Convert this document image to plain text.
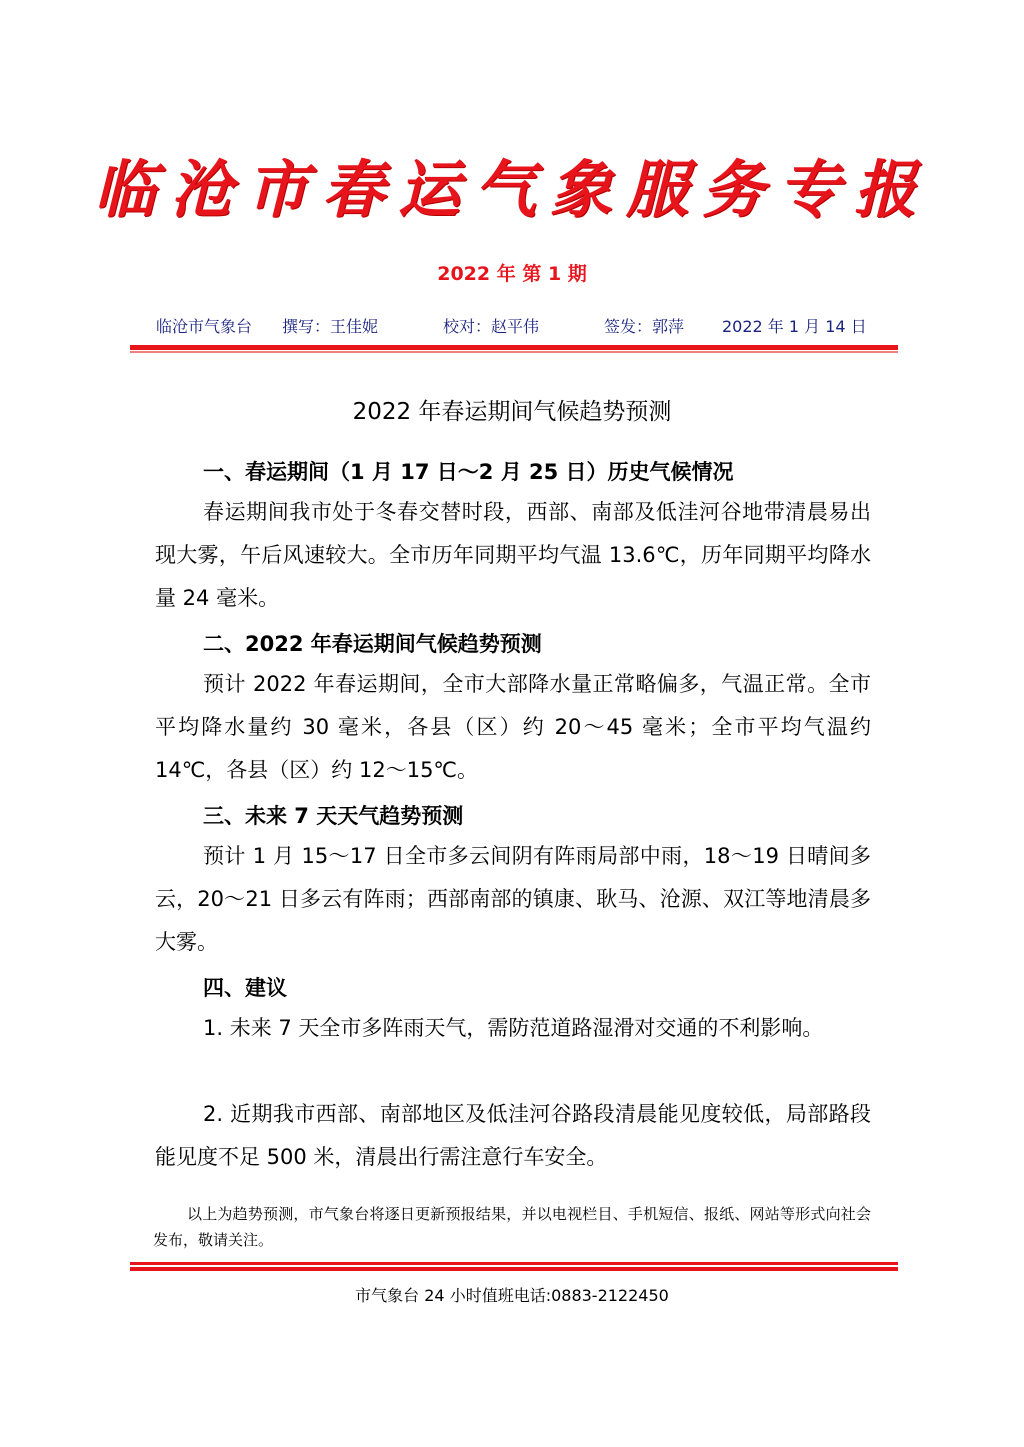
临沧市春运气象服务专报
2022 年 第 1 期
临沧市气象台 撰写：王佳妮	校对：赵平伟	签发：郭萍 2022 年 1 月 14 日
2022 年春运期间气候趋势预测
一、春运期间（1 月 17 日～2 月 25 日）历史气候情况

春运期间我市处于冬春交替时段，西部、南部及低洼河谷地带清晨易出现大雾，午后风速较大。全市历年同期平均气温 13.6℃，历年同期平均降水量 24 毫米。

二、2022 年春运期间气候趋势预测

预计 2022 年春运期间，全市大部降水量正常略偏多，气温正常。全市平均降水量约 30 毫米，各县（区）约 20～45 毫米；全市平均气温约 14℃，各县（区）约 12～15℃。

三、未来 7 天天气趋势预测

预计 1 月 15～17 日全市多云间阴有阵雨局部中雨，18～19 日晴间多云，20～21 日多云有阵雨；西部南部的镇康、耿马、沧源、双江等地清晨多大雾。

四、建议

1. 未来 7 天全市多阵雨天气，需防范道路湿滑对交通的不利影响。

2. 近期我市西部、南部地区及低洼河谷路段清晨能见度较低，局部路段能见度不足 500 米，清晨出行需注意行车安全。

以上为趋势预测，市气象台将逐日更新预报结果，并以电视栏目、手机短信、报纸、网站等形式向社会发布，敬请关注。

市气象台 24 小时值班电话:0883-2122450
